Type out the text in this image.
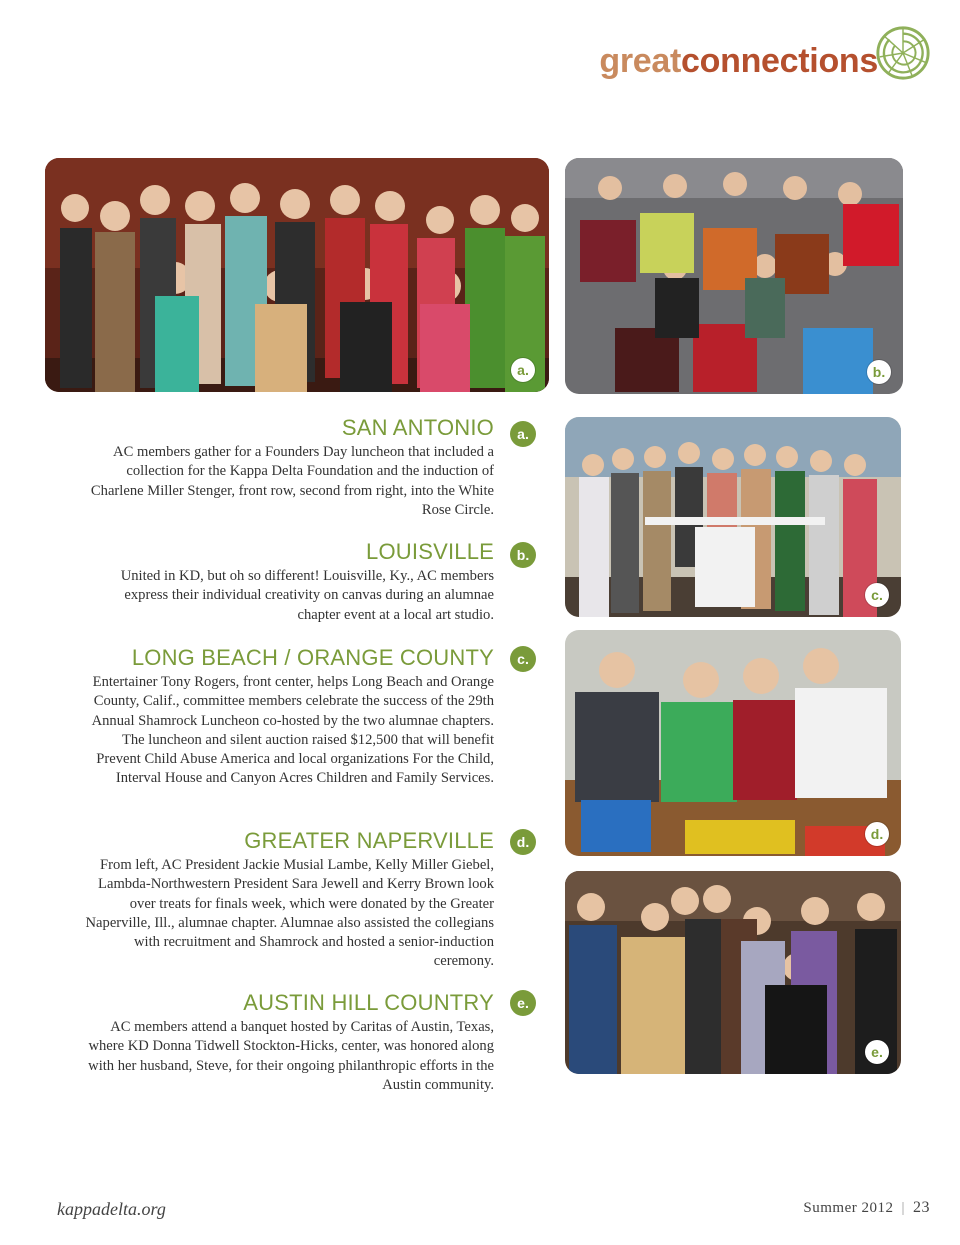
greatconnections
a.	b.
c.
d.
e.
SAN ANTONIO

AC members gather for a Founders Day luncheon that included a collection for the Kappa Delta Foundation and the induction of Charlene Miller Stenger, front row, second from right, into the White Rose Circle.

a.
LOUISVILLE

United in KD, but oh so different! Louisville, Ky., AC members express their individual creativity on canvas during an alumnae chapter event at a local art studio.

b.
LONG BEACH / ORANGE COUNTY

Entertainer Tony Rogers, front center, helps Long Beach and Orange County, Calif., committee members celebrate the success of the 29th Annual Shamrock Luncheon co-hosted by the two alumnae chapters. The luncheon and silent auction raised $12,500 that will benefit Prevent Child Abuse America and local organizations For the Child, Interval House and Canyon Acres Children and Family Services.

c.
GREATER NAPERVILLE

From left, AC President Jackie Musial Lambe, Kelly Miller Giebel, Lambda-Northwestern President Sara Jewell and Kerry Brown look over treats for finals week, which were donated by the Greater Naperville, Ill., alumnae chapter. Alumnae also assisted the collegians with recruitment and Shamrock and hosted a senior-induction ceremony.

d.
AUSTIN HILL COUNTRY

AC members attend a banquet hosted by Caritas of Austin, Texas, where KD Donna Tidwell Stockton-Hicks, center, was honored along with her husband, Steve, for their ongoing philanthropic efforts in the Austin community.

e.
kappadelta.org	Summer 2012 | 23
